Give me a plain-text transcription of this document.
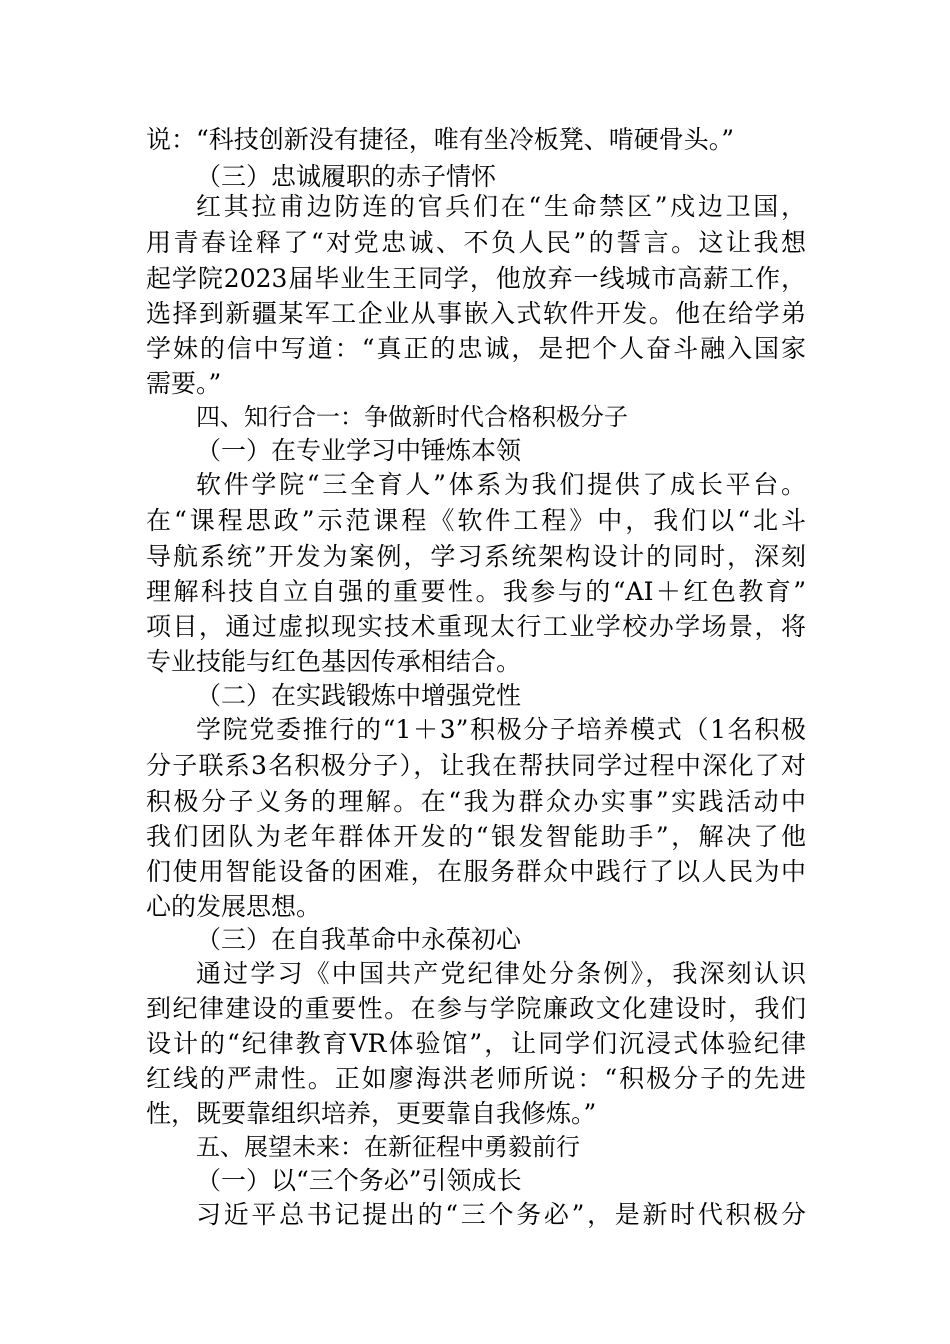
说：“科技创新没有捷径，唯有坐冷板凳、啃硬骨头。”
（三）忠诚履职的赤子情怀
红其拉甫边防连的官兵们在“生命禁区”戍边卫国，
用青春诠释了“对党忠诚、不负人民”的誓言。这让我想
起学院2023届毕业生王同学，他放弃一线城市高薪工作，
选择到新疆某军工企业从事嵌入式软件开发。他在给学弟
学妹的信中写道：“真正的忠诚，是把个人奋斗融入国家
需要。”
四、知行合一：争做新时代合格积极分子
（一）在专业学习中锤炼本领
软件学院“三全育人”体系为我们提供了成长平台。
在“课程思政”示范课程《软件工程》中，我们以“北斗
导航系统”开发为案例，学习系统架构设计的同时，深刻
理解科技自立自强的重要性。我参与的“AI＋红色教育”
项目，通过虚拟现实技术重现太行工业学校办学场景，将
专业技能与红色基因传承相结合。
（二）在实践锻炼中增强党性
学院党委推行的“1＋3”积极分子培养模式（1名积极
分子联系3名积极分子），让我在帮扶同学过程中深化了对
积极分子义务的理解。在“我为群众办实事”实践活动中
我们团队为老年群体开发的“银发智能助手”，解决了他
们使用智能设备的困难，在服务群众中践行了以人民为中
心的发展思想。
（三）在自我革命中永葆初心
通过学习《中国共产党纪律处分条例》，我深刻认识
到纪律建设的重要性。在参与学院廉政文化建设时，我们
设计的“纪律教育VR体验馆”，让同学们沉浸式体验纪律
红线的严肃性。正如廖海洪老师所说：“积极分子的先进
性，既要靠组织培养，更要靠自我修炼。”
五、展望未来：在新征程中勇毅前行
（一）以“三个务必”引领成长
习近平总书记提出的“三个务必”，是新时代积极分
